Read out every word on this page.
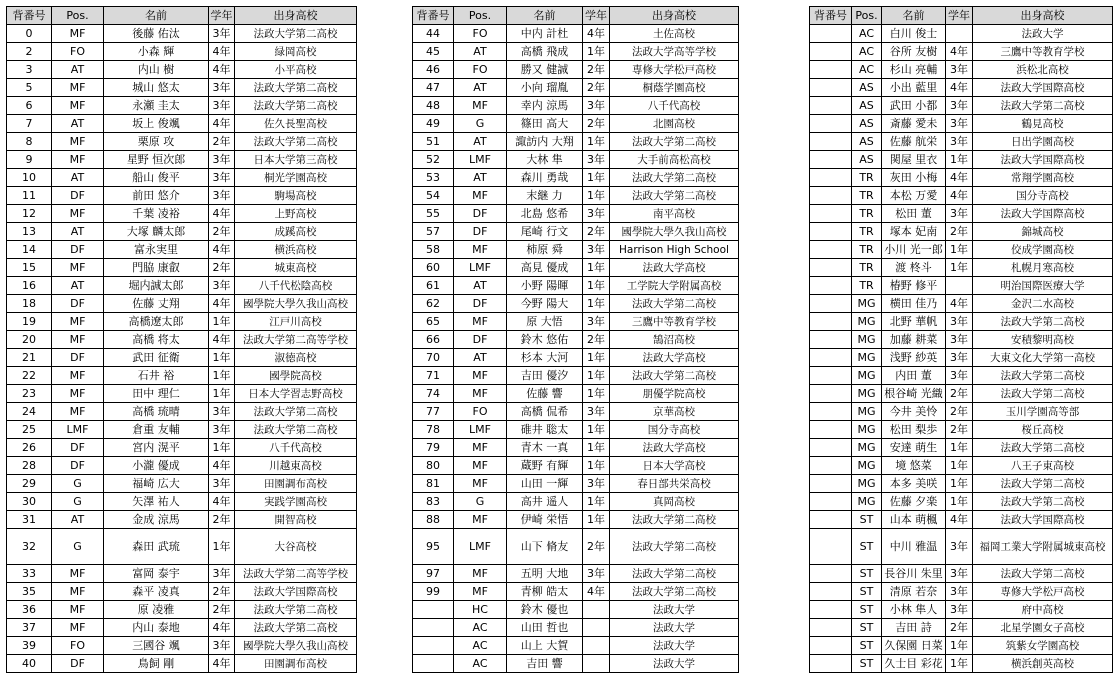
背番号	Pos.	名前	学年	出身高校
0	MF	後藤 佑汰	3年	法政大学第二高校
2	FO	小森 輝	4年	緑岡高校
3	AT	内山 樹	4年	小平高校
5	MF	城山 悠太	3年	法政大学第二高校
6	MF	永瀬 圭太	3年	法政大学第二高校
7	AT	坂上 俊颯	4年	佐久長聖高校
8	MF	栗原 攻	2年	法政大学第二高校
9	MF	星野 恒次郎	3年	日本大学第三高校
10	AT	船山 俊平	3年	桐光学園高校
11	DF	前田 悠介	3年	駒場高校
12	MF	千葉 凌裕	4年	上野高校
13	AT	大塚 麟太郎	2年	成蹊高校
14	DF	富永実里	4年	横浜高校
15	MF	門脇 康叡	2年	城東高校
16	AT	堀内誠太郎	3年	八千代松陰高校
18	DF	佐藤 丈翔	4年	國學院大學久我山高校
19	MF	高橋遼太郎	1年	江戸川高校
20	MF	高橋 将太	4年	法政大学第二高等学校
21	DF	武田 征衛	1年	淑徳高校
22	MF	石井 裕	1年	國學院高校
23	MF	田中 理仁	1年	日本大学習志野高校
24	MF	高橋 琉晴	3年	法政大学第二高校
25	LMF	倉重 友輔	3年	法政大学第二高校
26	DF	宮内 滉平	1年	八千代高校
28	DF	小瀧 優成	4年	川越東高校
29	G	福崎 広大	3年	田園調布高校
30	G	矢澤 祐人	4年	実践学園高校
31	AT	金成 涼馬	2年	開智高校
32	G	森田 武琉	1年	大谷高校
33	MF	富岡 泰宇	3年	法政大学第二高等学校
35	MF	森平 凌真	2年	法政大学国際高校
36	MF	原 凌雅	2年	法政大学第二高校
37	MF	内山 泰地	4年	法政大学第二高校
39	FO	三國谷 颯	3年	國學院大學久我山高校
40	DF	鳥飼 剛	4年	田園調布高校
背番号	Pos.	名前	学年	出身高校
44	FO	中内 計杜	4年	土佐高校
45	AT	高橋 飛成	1年	法政大学高等学校
46	FO	勝又 健誠	2年	専修大学松戸高校
47	AT	小向 瑠胤	2年	桐蔭学園高校
48	MF	幸内 涼馬	3年	八千代高校
49	G	篠田 高大	2年	北園高校
51	AT	諏訪内 大翔	1年	法政大学第二高校
52	LMF	大林 隼	3年	大手前高松高校
53	AT	森川 勇哉	1年	法政大学第二高校
54	MF	末継 力	1年	法政大学第二高校
55	DF	北島 悠希	3年	南平高校
57	DF	尾崎 行文	2年	國學院大學久我山高校
58	MF	柿原 舜	3年	Harrison High School
60	LMF	高見 優成	1年	法政大学高校
61	AT	小野 陽暉	1年	工学院大学附属高校
62	DF	今野 陽大	1年	法政大学第二高校
65	MF	原 大悟	3年	三鷹中等教育学校
66	DF	鈴木 悠佑	2年	鵠沼高校
70	AT	杉本 大河	1年	法政大学高校
71	MF	吉田 優汐	1年	法政大学第二高校
74	MF	佐藤 響	1年	朋優学院高校
77	FO	高橋 侃希	3年	京華高校
78	LMF	碓井 聡太	1年	国分寺高校
79	MF	青木 一真	1年	法政大学高校
80	MF	蔵野 有輝	1年	日本大学高校
81	MF	山田 一輝	3年	春日部共栄高校
83	G	高井 遥人	1年	真岡高校
88	MF	伊崎 栄悟	1年	法政大学第二高校
95	LMF	山下 脩友	2年	法政大学第二高校
97	MF	五明 大地	3年	法政大学第二高校
99	MF	青柳 皓太	4年	法政大学第二高校
	HC	鈴木 優也		法政大学
	AC	山田 哲也		法政大学
	AC	山上 大賀		法政大学
	AC	吉田 響		法政大学
背番号	Pos.	名前	学年	出身高校
	AC	白川 俊士		法政大学
	AC	谷所 友樹	4年	三鷹中等教育学校
	AC	杉山 亮輔	3年	浜松北高校
	AS	小出 藍里	4年	法政大学国際高校
	AS	武田 小都	3年	法政大学第二高校
	AS	斎藤 愛未	3年	鶴見高校
	AS	佐藤 航栄	3年	日出学園高校
	AS	関屋 里衣	1年	法政大学国際高校
	TR	灰田 小梅	4年	常翔学園高校
	TR	本松 万愛	4年	国分寺高校
	TR	松田 董	3年	法政大学国際高校
	TR	塚本 妃南	2年	錦城高校
	TR	小川 光一郎	1年	佼成学園高校
	TR	渡 柊斗	1年	札幌月寒高校
	TR	椿野 修平		明治国際医療大学
	MG	横田 佳乃	4年	金沢二水高校
	MG	北野 華帆	3年	法政大学第二高校
	MG	加藤 耕菜	3年	安積黎明高校
	MG	浅野 紗英	3年	大東文化大学第一高校
	MG	内田 董	3年	法政大学第二高校
	MG	根谷崎 光織	2年	法政大学第二高校
	MG	今井 美怜	2年	玉川学園高等部
	MG	松田 梨歩	2年	桜丘高校
	MG	安達 萌生	1年	法政大学第二高校
	MG	境 悠菜	1年	八王子東高校
	MG	本多 美咲	1年	法政大学第二高校
	MG	佐藤 夕楽	1年	法政大学第二高校
	ST	山本 萌楓	4年	法政大学国際高校
	ST	中川 雅温	3年	福岡工業大学附属城東高校
	ST	長谷川 朱里	3年	法政大学第二高校
	ST	清原 若奈	3年	専修大学松戸高校
	ST	小林 隼人	3年	府中高校
	ST	吉田 詩	2年	北星学園女子高校
	ST	久保園 日菜	1年	筑紫女学園高校
	ST	久士目 彩花	1年	横浜創英高校
